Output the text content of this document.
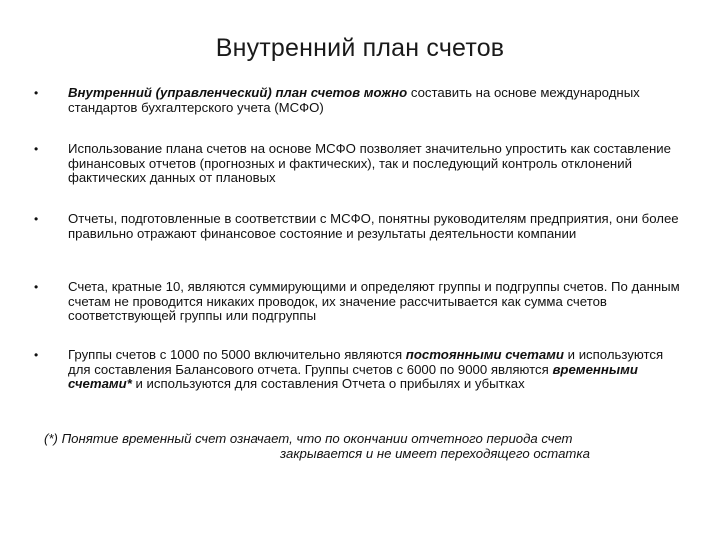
Внутренний план счетов
•	Внутренний (управленческий) план счетов можно составить на основе международных стандартов бухгалтерского учета (МСФО)
•	Использование плана счетов на основе МСФО позволяет значительно упростить как составление финансовых отчетов (прогнозных и фактических), так и последующий контроль отклонений фактических данных от плановых
•	Отчеты, подготовленные в соответствии с МСФО, понятны руководителям предприятия, они более правильно отражают финансовое состояние и результаты деятельности компании
•	Счета, кратные 10, являются суммирующими и определяют группы и подгруппы счетов. По данным счетам не проводится никаких проводок, их значение рассчитывается как сумма счетов соответствующей группы или подгруппы
•	Группы счетов с 1000 по 5000 включительно являются постоянными счетами и используются для составления Балансового отчета. Группы счетов с 6000 по 9000 являются временными счетами* и используются для составления Отчета о прибылях и убытках
(*) Понятие временный счет означает, что по окончании отчетного периода счет
закрывается и не имеет переходящего остатка
